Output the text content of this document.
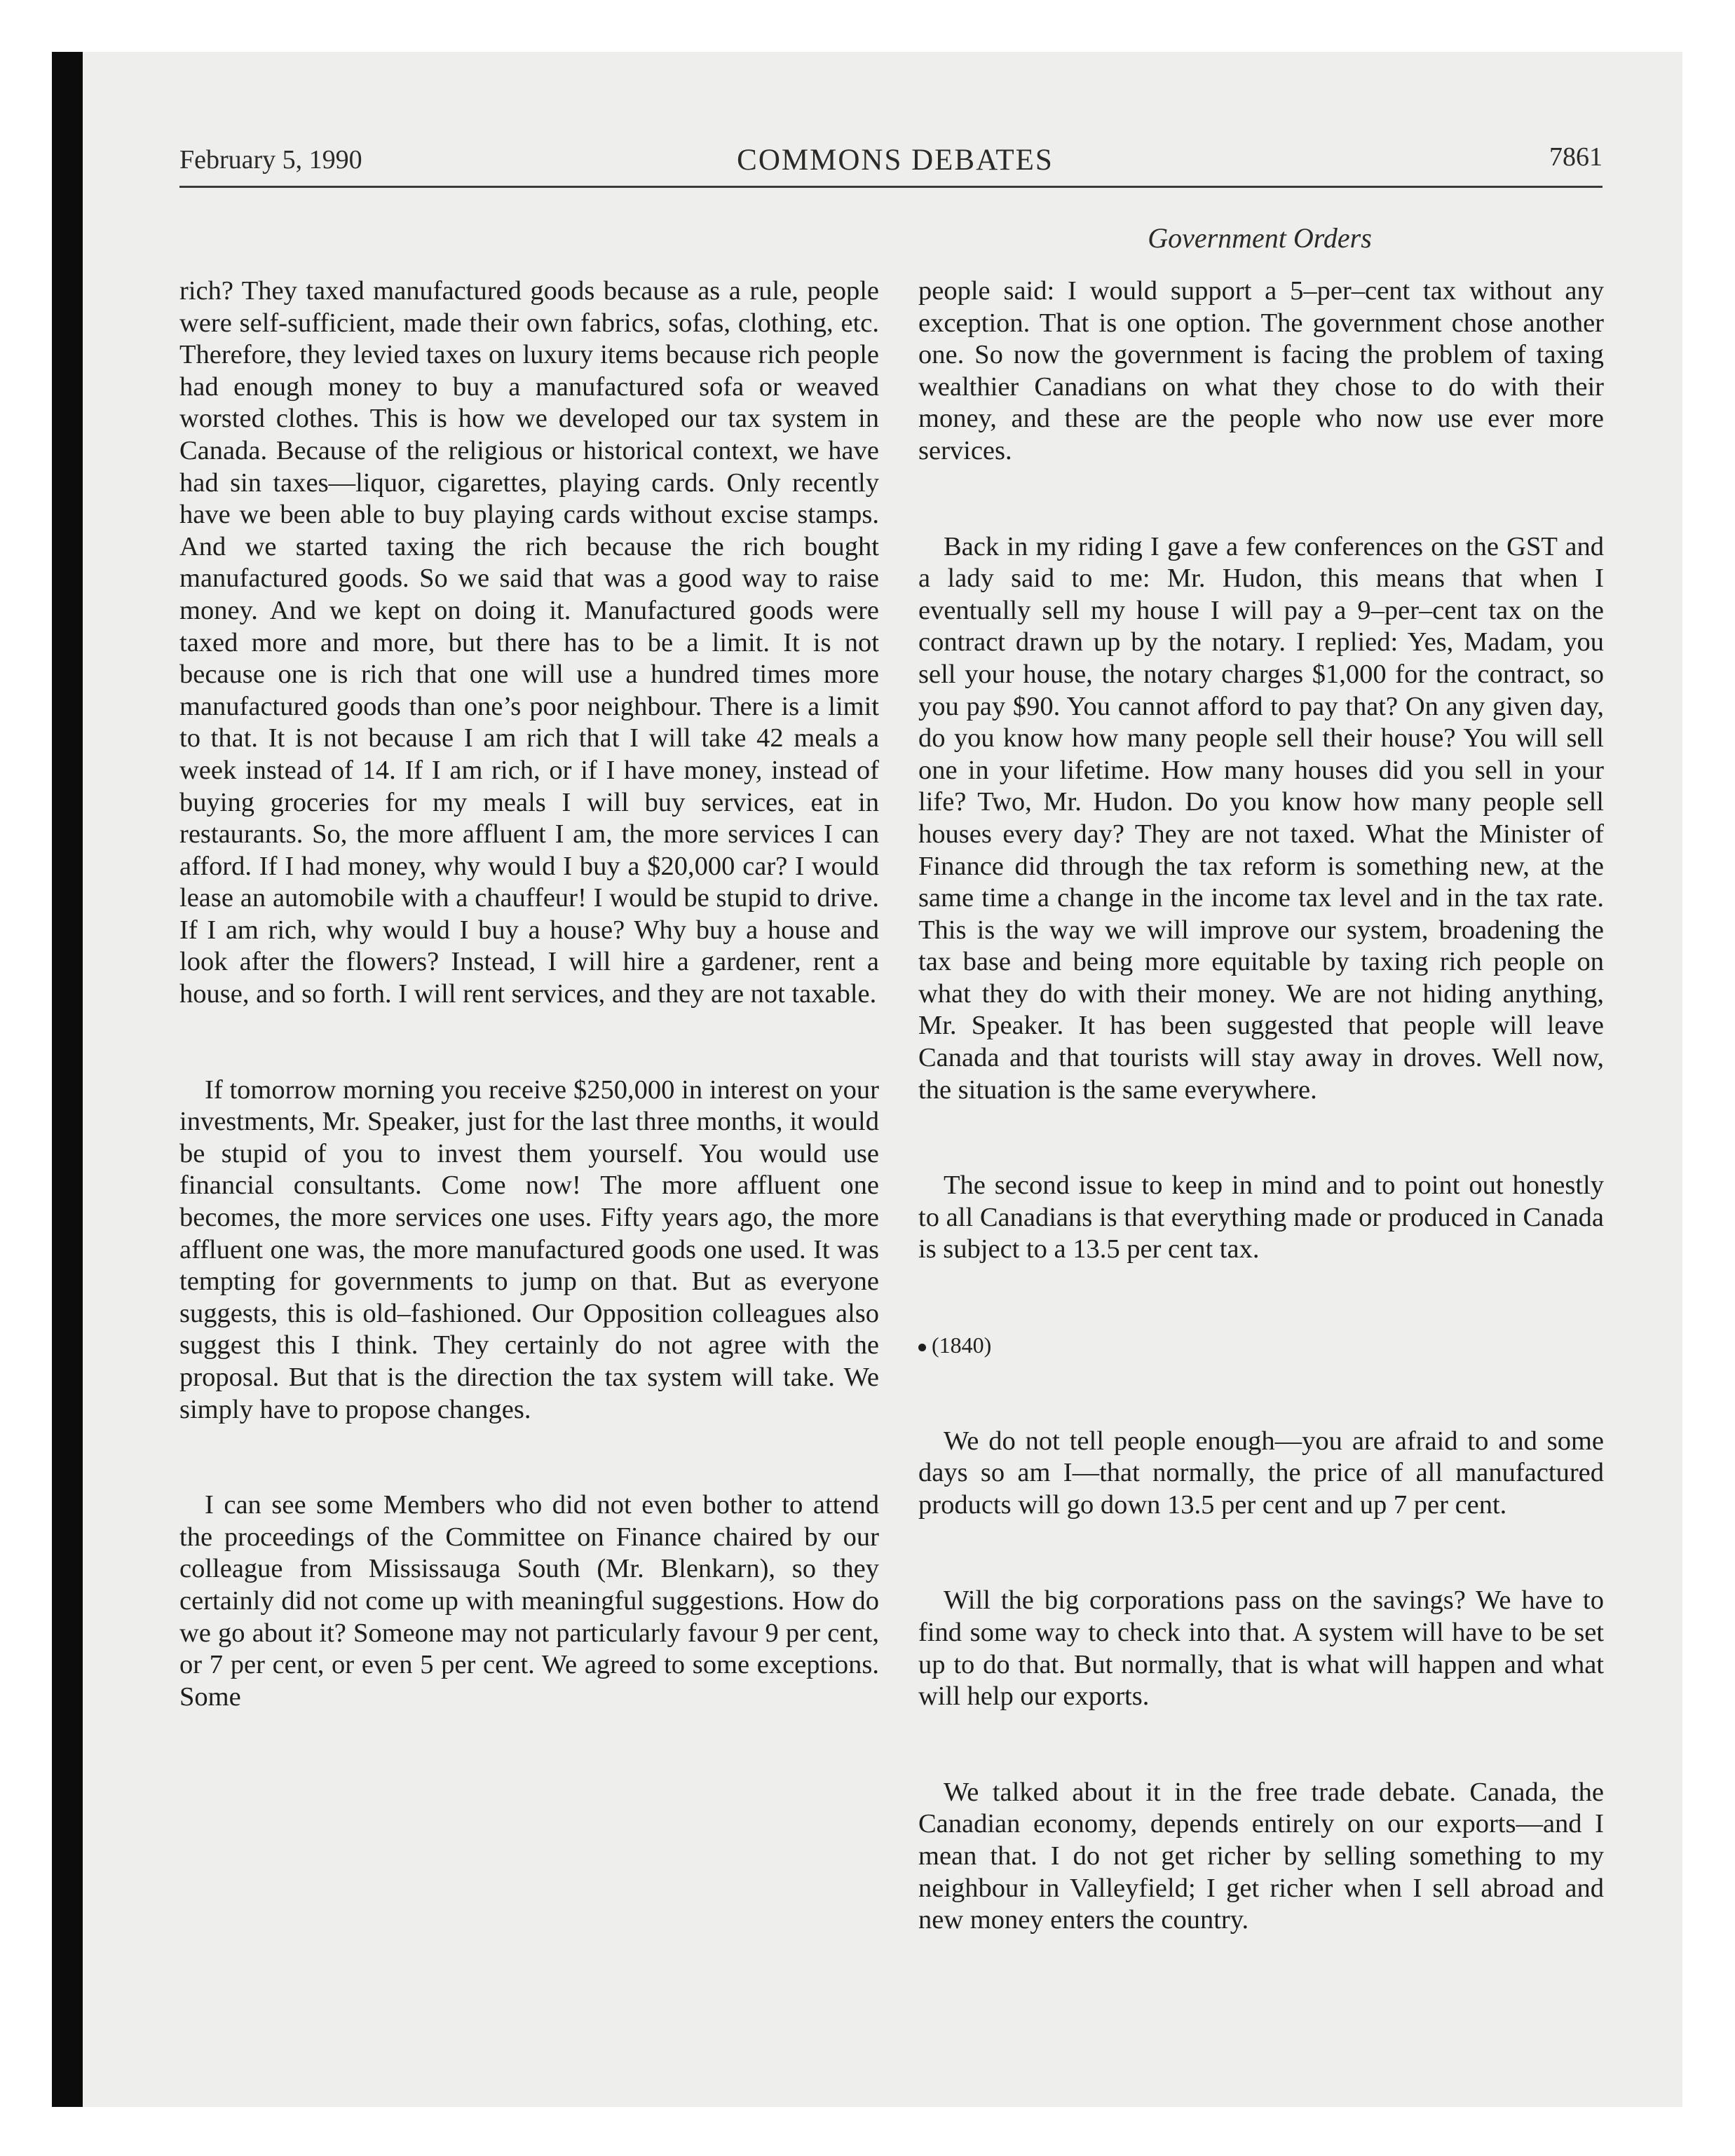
February 5, 1990	COMMONS DEBATES	7861
Government Orders

rich? They taxed manufactured goods because as a rule, people were self-sufficient, made their own fabrics, sofas, clothing, etc. Therefore, they levied taxes on luxury items because rich people had enough money to buy a manufactured sofa or weaved worsted clothes. This is how we developed our tax system in Canada. Because of the religious or historical context, we have had sin taxes—liquor, cigarettes, playing cards. Only recently have we been able to buy playing cards without excise stamps. And we started taxing the rich because the rich bought manufactured goods. So we said that was a good way to raise money. And we kept on doing it. Manufactured goods were taxed more and more, but there has to be a limit. It is not because one is rich that one will use a hundred times more manufactured goods than one’s poor neighbour. There is a limit to that. It is not because I am rich that I will take 42 meals a week instead of 14. If I am rich, or if I have money, instead of buying groceries for my meals I will buy services, eat in restaurants. So, the more affluent I am, the more services I can afford. If I had money, why would I buy a $20,000 car? I would lease an automobile with a chauffeur! I would be stupid to drive. If I am rich, why would I buy a house? Why buy a house and look after the flowers? Instead, I will hire a gardener, rent a house, and so forth. I will rent services, and they are not taxable.

If tomorrow morning you receive $250,000 in interest on your investments, Mr. Speaker, just for the last three months, it would be stupid of you to invest them yourself. You would use financial consultants. Come now! The more affluent one becomes, the more services one uses. Fifty years ago, the more affluent one was, the more manufactured goods one used. It was tempting for governments to jump on that. But as everyone suggests, this is old–fashioned. Our Opposition colleagues also suggest this I think. They certainly do not agree with the proposal. But that is the direction the tax system will take. We simply have to propose changes.

I can see some Members who did not even bother to attend the proceedings of the Committee on Finance chaired by our colleague from Mississauga South (Mr. Blenkarn), so they certainly did not come up with meaningful suggestions. How do we go about it? Someone may not particularly favour 9 per cent, or 7 per cent, or even 5 per cent. We agreed to some exceptions. Some

people said: I would support a 5–per–cent tax without any exception. That is one option. The government chose another one. So now the government is facing the problem of taxing wealthier Canadians on what they chose to do with their money, and these are the people who now use ever more services.

Back in my riding I gave a few conferences on the GST and a lady said to me: Mr. Hudon, this means that when I eventually sell my house I will pay a 9–per–cent tax on the contract drawn up by the notary. I replied: Yes, Madam, you sell your house, the notary charges $1,000 for the contract, so you pay $90. You cannot afford to pay that? On any given day, do you know how many people sell their house? You will sell one in your lifetime. How many houses did you sell in your life? Two, Mr. Hudon. Do you know how many people sell houses every day? They are not taxed. What the Minister of Finance did through the tax reform is something new, at the same time a change in the income tax level and in the tax rate. This is the way we will improve our system, broadening the tax base and being more equitable by taxing rich people on what they do with their money. We are not hiding anything, Mr. Speaker. It has been suggested that people will leave Canada and that tourists will stay away in droves. Well now, the situation is the same everywhere.

The second issue to keep in mind and to point out honestly to all Canadians is that everything made or produced in Canada is subject to a 13.5 per cent tax.

(1840)

We do not tell people enough—you are afraid to and some days so am I—that normally, the price of all manufactured products will go down 13.5 per cent and up 7 per cent.

Will the big corporations pass on the savings? We have to find some way to check into that. A system will have to be set up to do that. But normally, that is what will happen and what will help our exports.

We talked about it in the free trade debate. Canada, the Canadian economy, depends entirely on our exports—and I mean that. I do not get richer by selling something to my neighbour in Valleyfield; I get richer when I sell abroad and new money enters the country.
